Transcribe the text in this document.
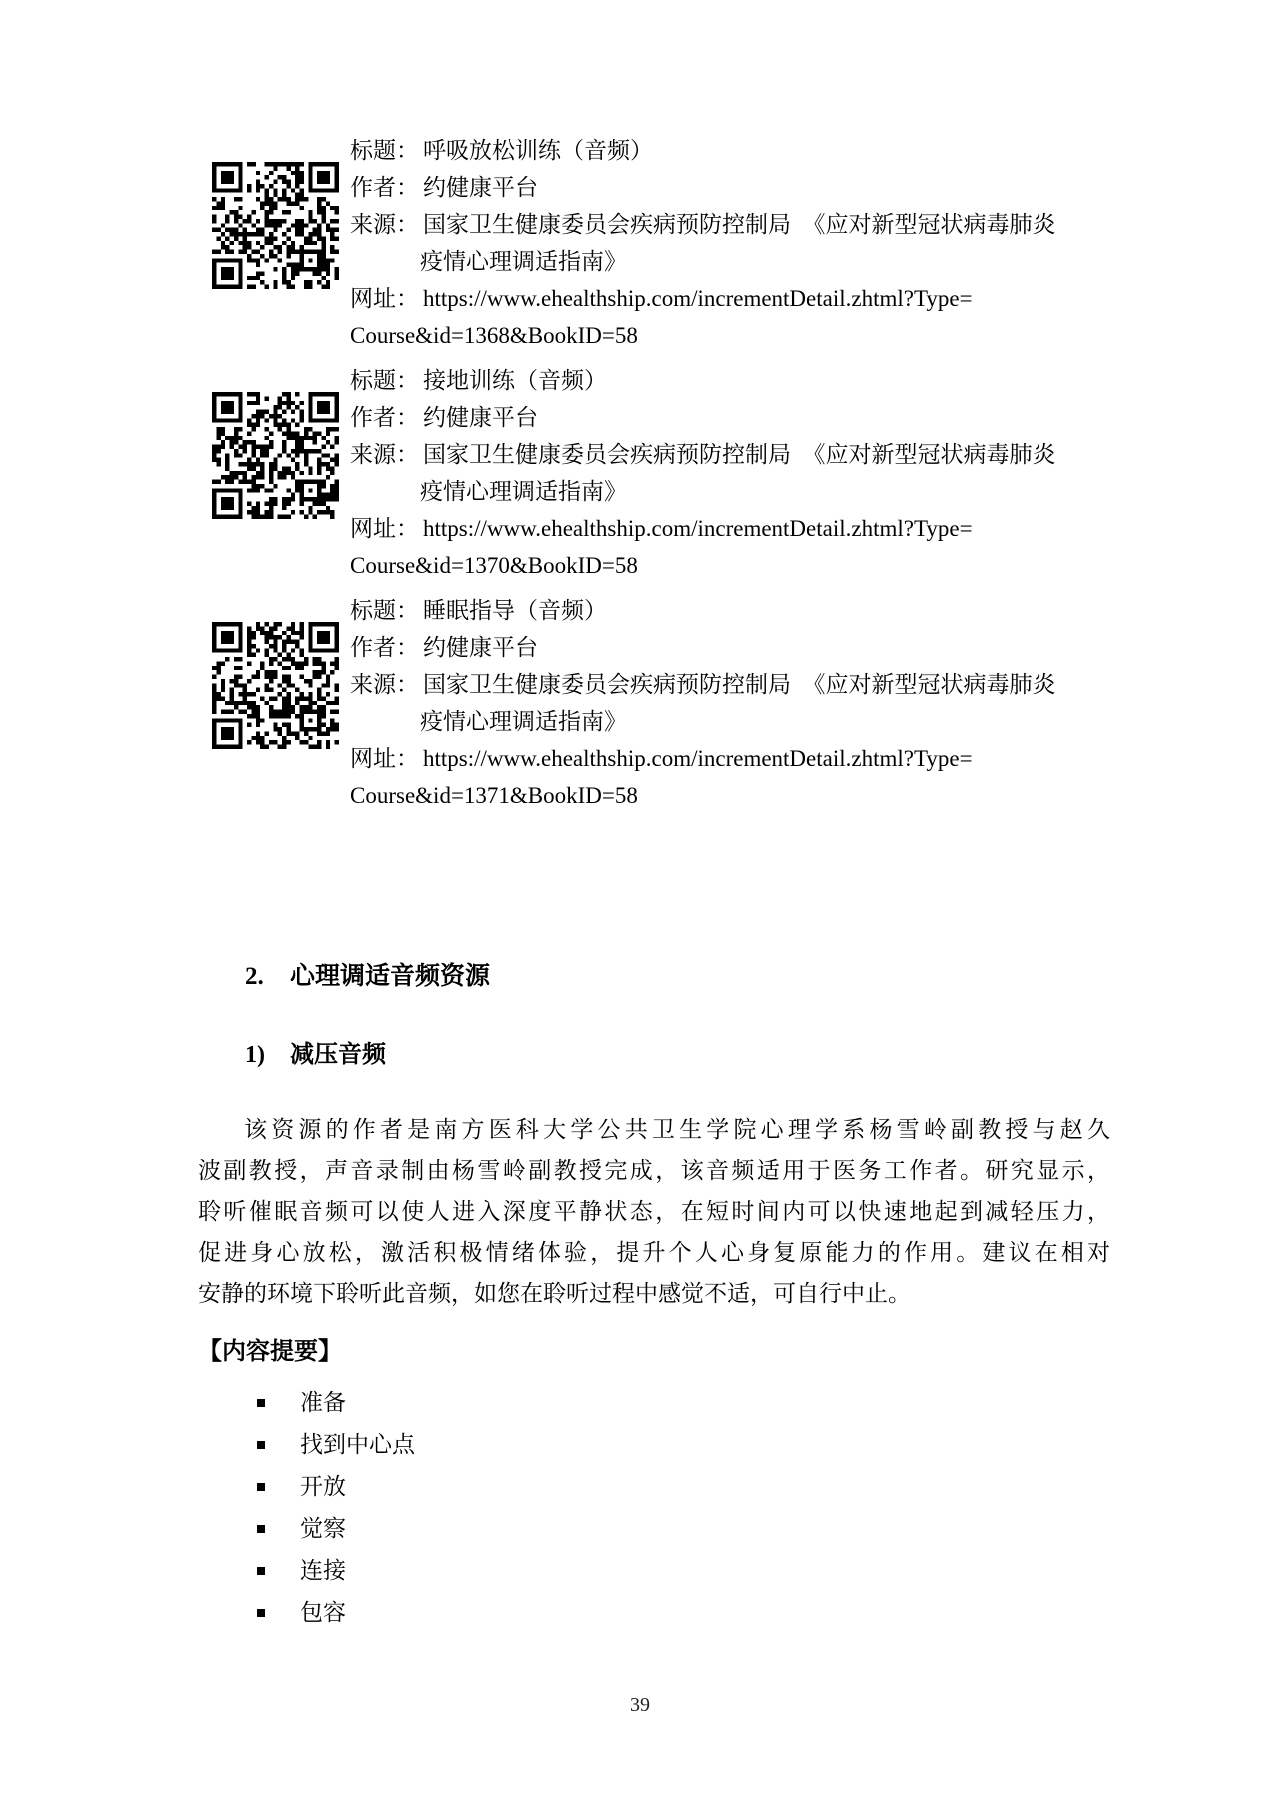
标题： 呼吸放松训练（音频）
作者： 约健康平台
来源： 国家卫生健康委员会疾病预防控制局　《应对新型冠状病毒肺炎
疫情心理调适指南》
网址： https://www.ehealthship.com/incrementDetail.zhtml?Type=
Course&id=1368&BookID=58
标题： 接地训练（音频）
作者： 约健康平台
来源： 国家卫生健康委员会疾病预防控制局　《应对新型冠状病毒肺炎
疫情心理调适指南》
网址： https://www.ehealthship.com/incrementDetail.zhtml?Type=
Course&id=1370&BookID=58
标题： 睡眠指导（音频）
作者： 约健康平台
来源： 国家卫生健康委员会疾病预防控制局　《应对新型冠状病毒肺炎
疫情心理调适指南》
网址： https://www.ehealthship.com/incrementDetail.zhtml?Type=
Course&id=1371&BookID=58
2. 心理调适音频资源
1) 减压音频
该资源的作者是南方医科大学公共卫生学院心理学系杨雪岭副教授与赵久
波副教授，声音录制由杨雪岭副教授完成，该音频适用于医务工作者。研究显示，
聆听催眠音频可以使人进入深度平静状态，在短时间内可以快速地起到减轻压力，
促进身心放松，激活积极情绪体验，提升个人心身复原能力的作用。建议在相对
安静的环境下聆听此音频，如您在聆听过程中感觉不适，可自行中止。
【内容提要】
准备
找到中心点
开放
觉察
连接
包容
39
